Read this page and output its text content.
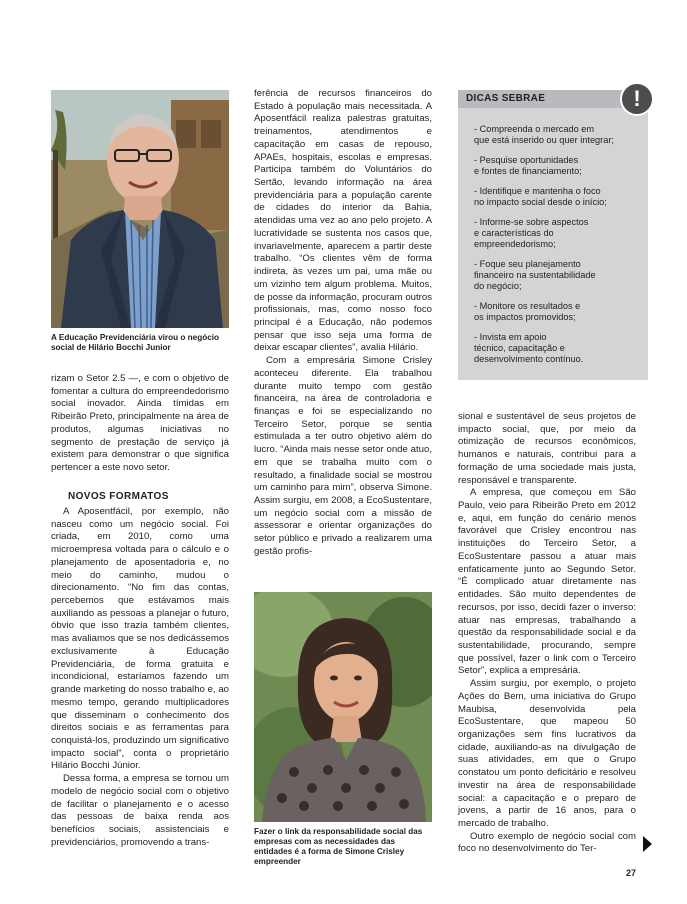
A Educação Previdenciária virou o negócio social de Hilário Bocchi Junior

rizam o Setor 2.5 —, e com o objetivo de fomentar a cultura do empreendedorismo social inovador. Ainda tímidas em Ribeirão Preto, principalmente na área de produtos, algumas iniciativas no segmento de prestação de serviço já existem para demonstrar o que significa pertencer a este novo setor.

NOVOS FORMATOS

A Aposentfácil, por exemplo, não nasceu como um negócio social. Foi criada, em 2010, como uma microempresa voltada para o cálculo e o planejamento de aposentadoria e, no meio do caminho, mudou o direcionamento. “No fim das contas, percebemos que estávamos mais auxiliando as pessoas a planejar o futuro, óbvio que isso trazia também clientes, mas avaliamos que se nos dedicássemos exclusivamente à Educação Previdenciária, de forma gratuita e incondicional, estaríamos fazendo um grande marketing do nosso trabalho e, ao mesmo tempo, gerando multiplicadores que disseminam o conhecimento dos direitos sociais e as ferramentas para conquistá-los, produzindo um significativo impacto social”, conta o proprietário Hilário Bocchi Júnior.

Dessa forma, a empresa se tornou um modelo de negócio social com o objetivo de facilitar o planejamento e o acesso das pessoas de baixa renda aos benefícios sociais, assistenciais e previdenciários, promovendo a trans-

ferência de recursos financeiros do Estado à população mais necessitada. A Aposentfácil realiza palestras gratuitas, treinamentos, atendimentos e capacitação em casas de repouso, APAEs, hospitais, escolas e empresas. Participa também do Voluntários do Sertão, levando informação na área previdenciária para a população carente de cidades do interior da Bahia, atendidas uma vez ao ano pelo projeto. A lucratividade se sustenta nos casos que, invariavelmente, aparecem a partir deste trabalho. “Os clientes vêm de forma indireta, às vezes um pai, uma mãe ou um vizinho tem algum problema. Muitos, de posse da informação, procuram outros profissionais, mas, como nosso foco principal é a Educação, não podemos pensar que isso seja uma forma de deixar escapar clientes”, avalia Hilário.

Com a empresária Simone Crisley aconteceu diferente. Ela trabalhou durante muito tempo com gestão financeira, na área de controladoria e finanças e foi se especializando no Terceiro Setor, porque se sentia estimulada a ter outro objetivo além do lucro. “Ainda mais nesse setor onde atuo, em que se trabalha muito com o resultado, a finalidade social se mostrou um caminho para mim”, observa Simone. Assim surgiu, em 2008, a EcoSustentare, um negócio social com a missão de assessorar e orientar organizações do setor público e privado a realizarem uma gestão profis-

Fazer o link da responsabilidade social das empresas com as necessidades das entidades é a forma de Simone Crisley empreender

DICAS SEBRAE
- Compreenda o mercado em
que está inserido ou quer integrar;
- Pesquise oportunidades
e fontes de financiamento;
- Identifique e mantenha o foco
no impacto social desde o início;
- Informe-se sobre aspectos
e características do
empreendedorismo;
- Foque seu planejamento
financeiro na sustentabilidade
do negócio;
- Monitore os resultados e
os impactos promovidos;
- Invista em apoio
técnico, capacitação e
desenvolvimento contínuo.
!

sional e sustentável de seus projetos de impacto social, que, por meio da otimização de recursos econômicos, humanos e naturais, contribui para a formação de uma sociedade mais justa, responsável e transparente.

A empresa, que começou em São Paulo, veio para Ribeirão Preto em 2012 e, aqui, em função do cenário menos favorável que Crisley encontrou nas instituições do Terceiro Setor, a EcoSustentare passou a atuar mais enfaticamente junto ao Segundo Setor. “É complicado atuar diretamente nas entidades. São muito dependentes de recursos, por isso, decidi fazer o inverso: atuar nas empresas, trabalhando a questão da responsabilidade social e da sustentabilidade, procurando, sempre que possível, fazer o link com o Terceiro Setor”, explica a empresária.

Assim surgiu, por exemplo, o projeto Ações do Bem, uma iniciativa do Grupo Maubisa, desenvolvida pela EcoSustentare, que mapeou 50 organizações sem fins lucrativos da cidade, auxiliando-as na divulgação de suas atividades, em que o Grupo constatou um ponto deficitário e resolveu investir na área de responsabilidade social: a capacitação e o preparo de jovens, a partir de 16 anos, para o mercado de trabalho.

Outro exemplo de negócio social com foco no desenvolvimento do Ter-

27
